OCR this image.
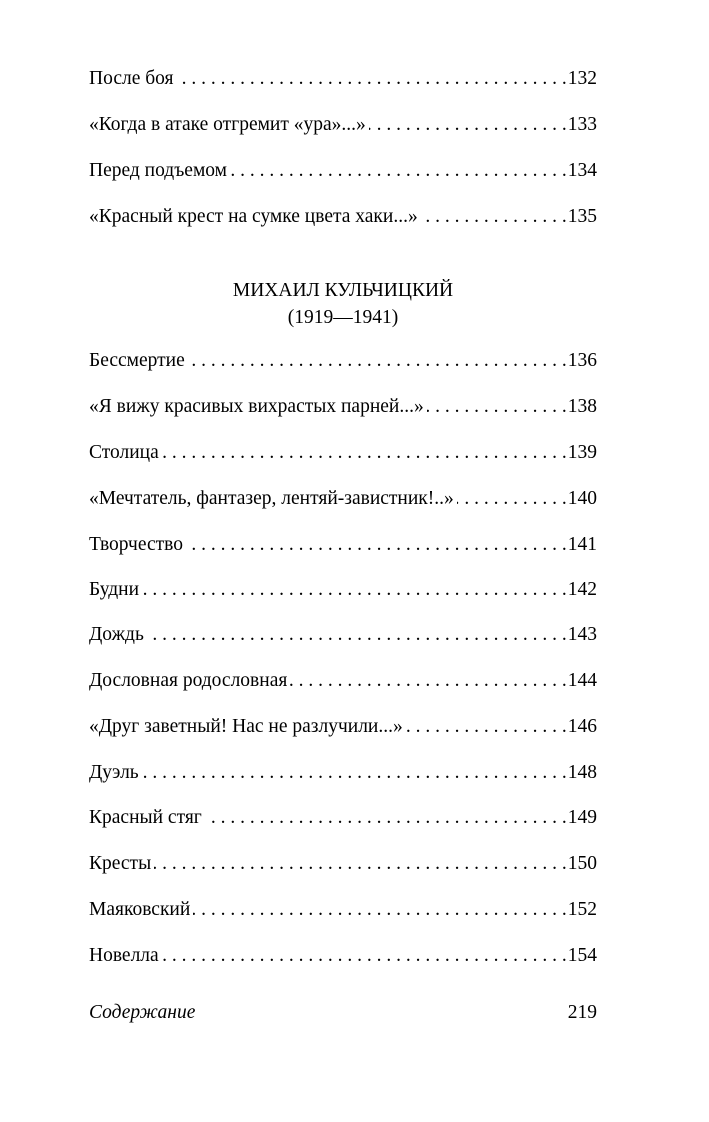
После боя . . .	132
«Когда в атаке отгремит «ура»...» . . .	133
Перед подъемом . . .	134
«Красный крест на сумке цвета хаки...» . . .	135
МИХАИЛ КУЛЬЧИЦКИЙ
(1919—1941)
Бессмертие . . .	136
«Я вижу красивых вихрастых парней...» . . .	138
Столица . . .	139
«Мечтатель, фантазер, лентяй-завистник!..» . . .	140
Творчество . . .	141
Будни . . .	142
Дождь . . .	143
Дословная родословная . . .	144
«Друг заветный! Нас не разлучили...» . . .	146
Дуэль . . .	148
Красный стяг . . .	149
Кресты . . .	150
Маяковский . . .	152
Новелла . . .	154
Содержание	219
